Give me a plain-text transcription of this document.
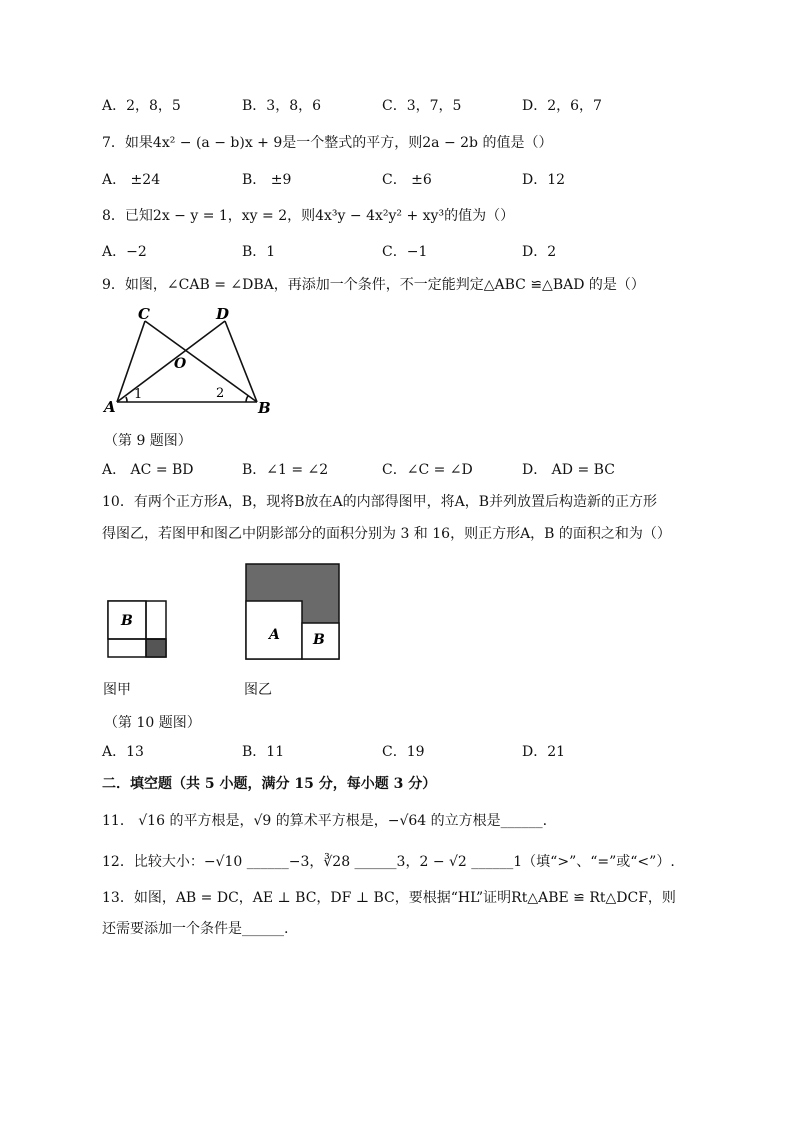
A．2，8，5	B．3，8，6	C．3，7，5	D．2，6，7
7．如果4x² − (a − b)x + 9是一个整式的平方，则2a − 2b 的值是（）
A． ±24	B． ±9	C． ±6	D．12
8．已知2x − y = 1，xy = 2，则4x³y − 4x²y² + xy³的值为（）
A．−2	B．1	C．−1	D．2
9．如图，∠CAB = ∠DBA，再添加一个条件，不一定能判定△ABC ≌△BAD 的是（）
C	D
O
A	B
1	2
（第 9 题图）
A． AC = BD	B．∠1 = ∠2	C．∠C = ∠D	D． AD = BC
10．有两个正方形A，B，现将B放在A的内部得图甲，将A，B并列放置后构造新的正方形
得图乙，若图甲和图乙中阴影部分的面积分别为 3 和 16，则正方形A，B 的面积之和为（）
B
A B
图甲	图乙
（第 10 题图）
A．13	B．11	C．19	D．21
二．填空题（共 5 小题，满分 15 分，每小题 3 分）
11． √16 的平方根是，√9 的算术平方根是，−√64 的立方根是______.
12．比较大小：−√10 ______−3，∛28 ______3，2 − √2 ______1（填“>”、“=”或“<”）.
13．如图，AB = DC，AE ⊥ BC，DF ⊥ BC，要根据“HL”证明Rt△ABE ≌ Rt△DCF，则
还需要添加一个条件是______.
